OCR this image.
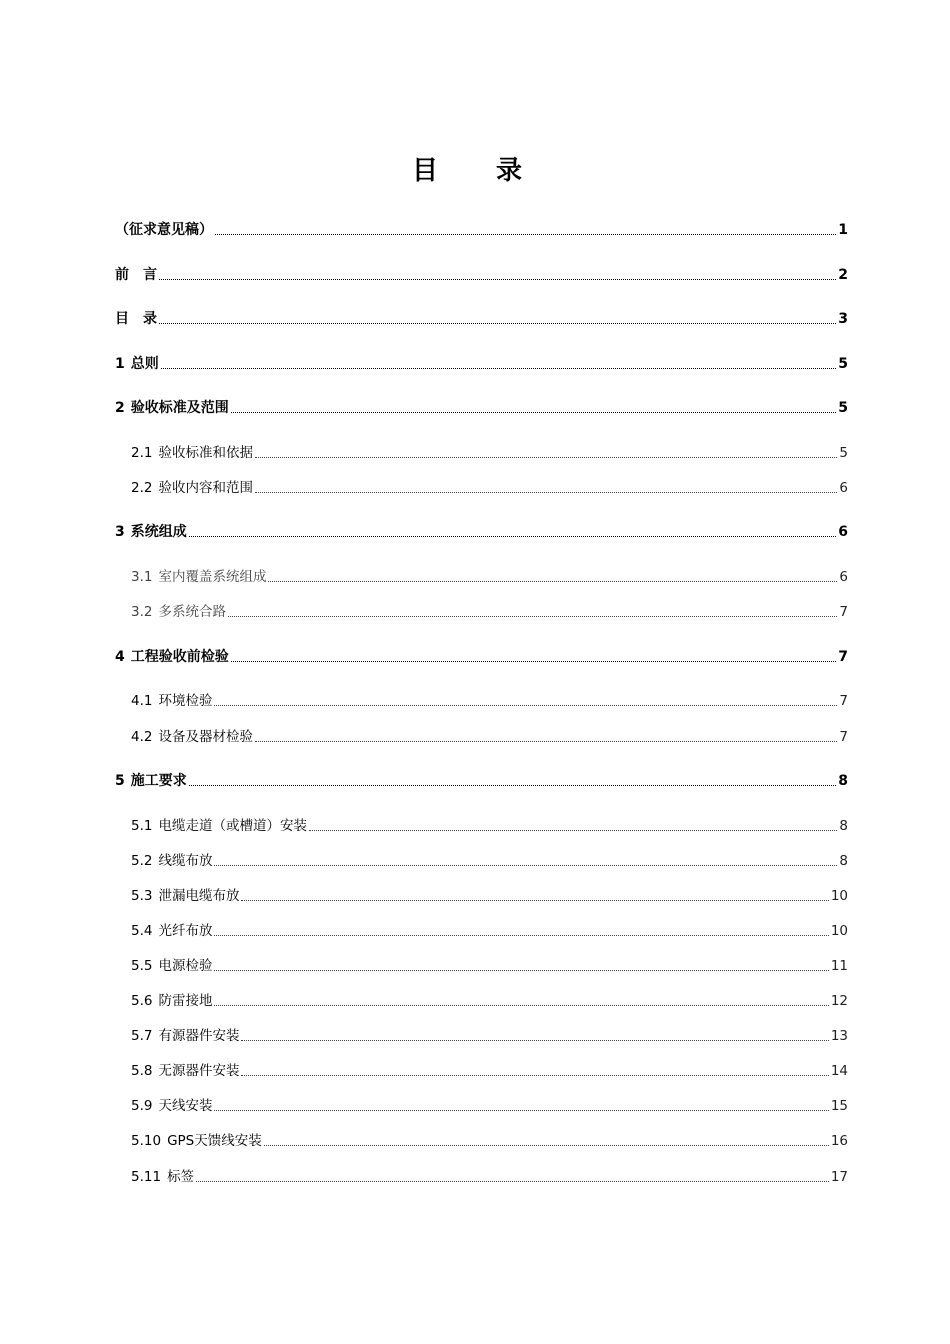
目　录
（征求意见稿）	1
前　言	2
目　录	3
1 总则	5
2 验收标准及范围	5
2.1 验收标准和依据	5
2.2 验收内容和范围	6
3 系统组成	6
3.1 室内覆盖系统组成	6
3.2 多系统合路	7
4 工程验收前检验	7
4.1 环境检验	7
4.2 设备及器材检验	7
5 施工要求	8
5.1 电缆走道（或槽道）安装	8
5.2 线缆布放	8
5.3 泄漏电缆布放	10
5.4 光纤布放	10
5.5 电源检验	11
5.6 防雷接地	12
5.7 有源器件安装	13
5.8 无源器件安装	14
5.9 天线安装	15
5.10 GPS天馈线安装	16
5.11 标签	17
